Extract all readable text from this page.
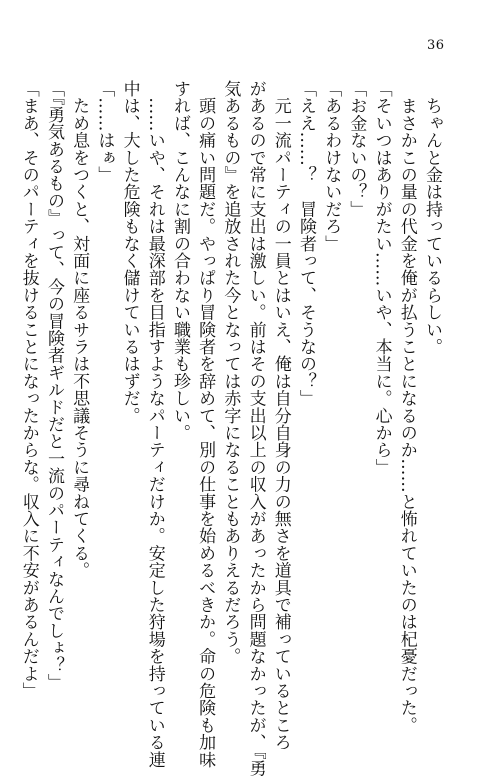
36
　ちゃんと金は持っているらしい。
　まさかこの量の代金を俺が払うことになるのか……と怖れていたのは杞憂だった。
「そいつはありがたい……いや、本当に。心から」
「お金ないの？」
「あるわけないだろ」
「ええ……？　冒険者って、そうなの？」
　元一流パーティの一員とはいえ、俺は自分自身の力の無さを道具で補っているところ
があるので常に支出は激しい。前はその支出以上の収入があったから問題なかったが、『勇
気あるもの』を追放された今となっては赤字になることもありえるだろう。
　頭の痛い問題だ。やっぱり冒険者を辞めて、別の仕事を始めるべきか。命の危険も加味
すれば、こんなに割の合わない職業も珍しい。
　……いや、それは最深部を目指すようなパーティだけか。安定した狩場を持っている連
中は、大した危険もなく儲けているはずだ。
「……はぁ」
　ため息をつくと、対面に座るサラは不思議そうに尋ねてくる。
「『勇気あるもの』って、今の冒険者ギルドだと一流のパーティなんでしょ？」
「まあ、そのパーティを抜けることになったからな。収入に不安があるんだよ」
